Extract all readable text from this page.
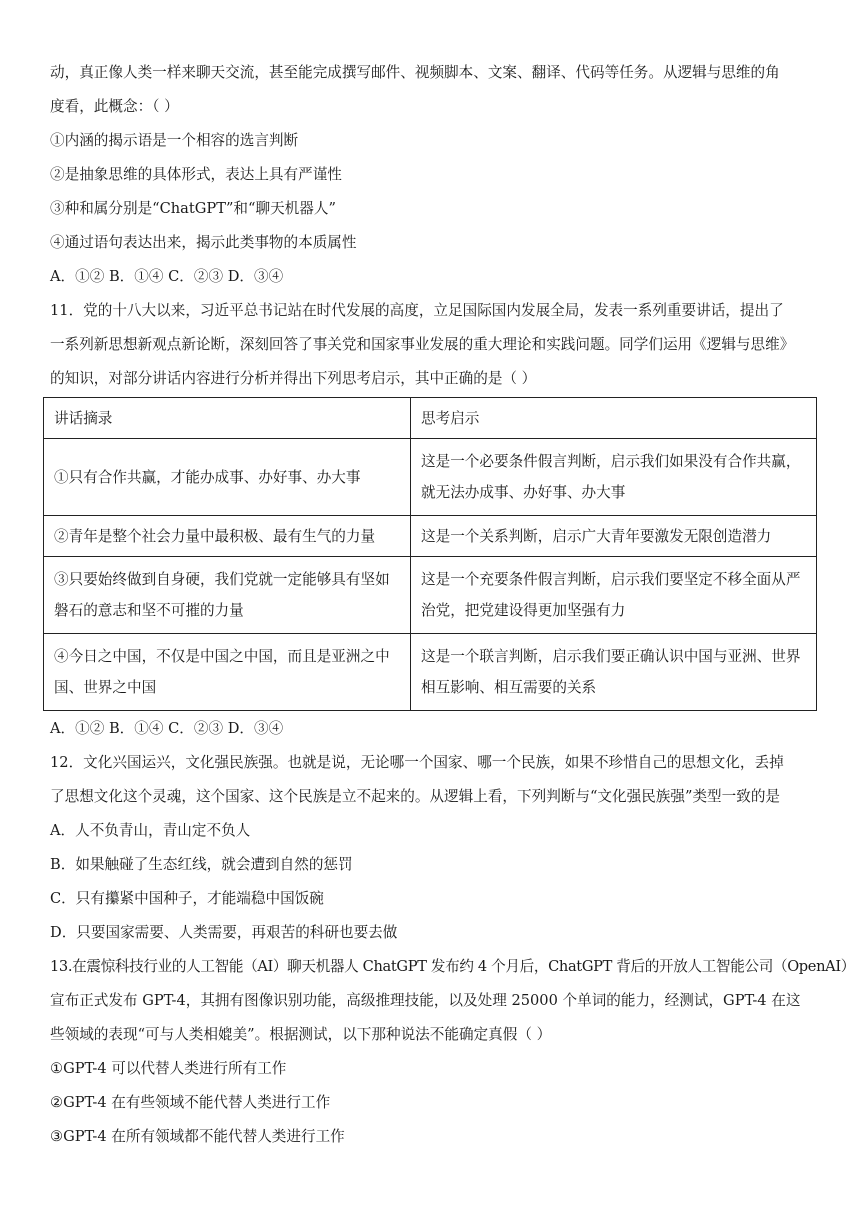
动，真正像人类一样来聊天交流，甚至能完成撰写邮件、视频脚本、文案、翻译、代码等任务。从逻辑与思维的角
度看，此概念：（ ）
①内涵的揭示语是一个相容的选言判断
②是抽象思维的具体形式，表达上具有严谨性
③种和属分别是“ChatGPT”和“聊天机器人”
④通过语句表达出来，揭示此类事物的本质属性
A．①② B．①④ C．②③ D．③④
11．党的十八大以来，习近平总书记站在时代发展的高度，立足国际国内发展全局，发表一系列重要讲话，提出了
一系列新思想新观点新论断，深刻回答了事关党和国家事业发展的重大理论和实践问题。同学们运用《逻辑与思维》
的知识，对部分讲话内容进行分析并得出下列思考启示，其中正确的是（ ）
讲话摘录	思考启示
①只有合作共赢，才能办成事、办好事、办大事	这是一个必要条件假言判断，启示我们如果没有合作共赢，就无法办成事、办好事、办大事
②青年是整个社会力量中最积极、最有生气的力量	这是一个关系判断，启示广大青年要激发无限创造潜力
③只要始终做到自身硬，我们党就一定能够具有坚如磐石的意志和坚不可摧的力量	这是一个充要条件假言判断，启示我们要坚定不移全面从严治党，把党建设得更加坚强有力
④今日之中国，不仅是中国之中国，而且是亚洲之中国、世界之中国	这是一个联言判断，启示我们要正确认识中国与亚洲、世界相互影响、相互需要的关系
A．①② B．①④ C．②③ D．③④
12．文化兴国运兴，文化强民族强。也就是说，无论哪一个国家、哪一个民族，如果不珍惜自己的思想文化，丢掉
了思想文化这个灵魂，这个国家、这个民族是立不起来的。从逻辑上看，下列判断与“文化强民族强”类型一致的是
A．人不负青山，青山定不负人
B．如果触碰了生态红线，就会遭到自然的惩罚
C．只有攥紧中国种子，才能端稳中国饭碗
D．只要国家需要、人类需要，再艰苦的科研也要去做
13.在震惊科技行业的人工智能（AI）聊天机器人 ChatGPT 发布约 4 个月后，ChatGPT 背后的开放人工智能公司（OpenAI）
宣布正式发布 GPT-4，其拥有图像识别功能，高级推理技能，以及处理 25000 个单词的能力，经测试，GPT-4 在这
些领域的表现“可与人类相媲美”。根据测试，以下那种说法不能确定真假（ ）
①GPT-4 可以代替人类进行所有工作
②GPT-4 在有些领域不能代替人类进行工作
③GPT-4 在所有领域都不能代替人类进行工作
